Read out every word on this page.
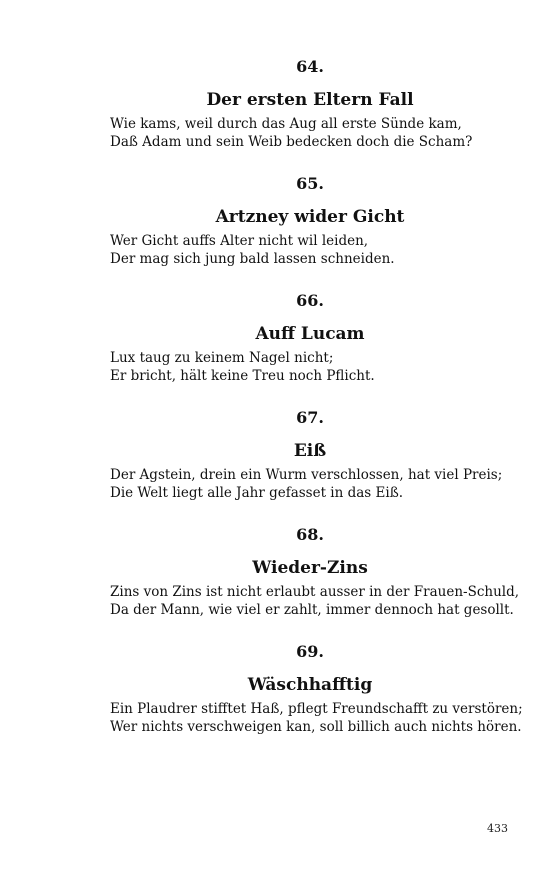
64.

Der ersten Eltern Fall

Wie kams, weil durch das Aug all erste Sünde kam,

Daß Adam und sein Weib bedecken doch die Scham?

65.

Artzney wider Gicht

Wer Gicht auffs Alter nicht wil leiden,

Der mag sich jung bald lassen schneiden.

66.

Auff Lucam

Lux taug zu keinem Nagel nicht;

Er bricht, hält keine Treu noch Pflicht.

67.

Eiß

Der Agstein, drein ein Wurm verschlossen, hat viel Preis;

Die Welt liegt alle Jahr gefasset in das Eiß.

68.

Wieder-Zins

Zins von Zins ist nicht erlaubt ausser in der Frauen-Schuld,

Da der Mann, wie viel er zahlt, immer dennoch hat gesollt.

69.

Wäschhafftig

Ein Plaudrer stifftet Haß, pflegt Freundschafft zu verstören;

Wer nichts verschweigen kan, soll billich auch nichts hören.

433
